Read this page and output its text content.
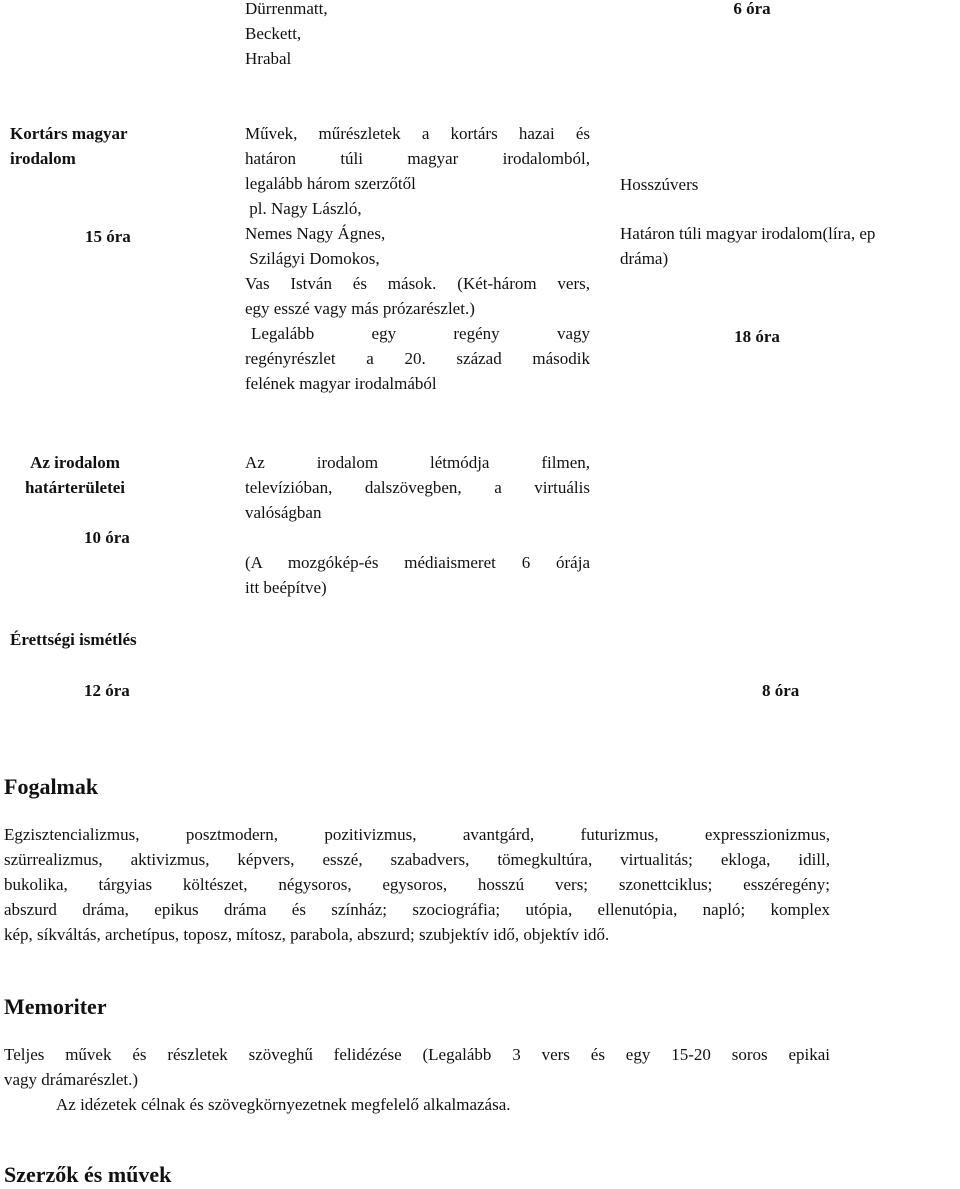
Dürrenmatt,
Beckett,
Hrabal
6 óra
Kortárs magyar
irodalom
15 óra
Művek, műrészletek a kortárs hazai és
határon túli magyar irodalomból,
legalább három szerzőtől
pl. Nagy László,
Nemes Nagy Ágnes,
Szilágyi Domokos,
Vas István és mások. (Két-három vers,
egy esszé vagy más prózarészlet.)
Legalább egy regény vagy
regényrészlet a 20. század második
felének magyar irodalmából
Hosszúvers
Határon túli magyar irodalom(líra, ep
dráma)
18 óra
Az irodalom
határterületei
10 óra
Az irodalom létmódja filmen,
televízióban, dalszövegben, a virtuális
valóságban
(A mozgókép-és médiaismeret 6 órája
itt beépítve)
Érettségi ismétlés
12 óra	8 óra
Fogalmak
Egzisztencializmus, posztmodern, pozitivizmus, avantgárd, futurizmus, expresszionizmus,
szürrealizmus, aktivizmus, képvers, esszé, szabadvers, tömegkultúra, virtualitás; ekloga, idill,
bukolika, tárgyias költészet, négysoros, egysoros, hosszú vers; szonettciklus; esszéregény;
abszurd dráma, epikus dráma és színház; szociográfia; utópia, ellenutópia, napló; komplex
kép, síkváltás, archetípus, toposz, mítosz, parabola, abszurd; szubjektív idő, objektív idő.
Memoriter
Teljes művek és részletek szöveghű felidézése (Legalább 3 vers és egy 15-20 soros epikai
vagy drámarészlet.)
Az idézetek célnak és szövegkörnyezetnek megfelelő alkalmazása.
Szerzők és művek
